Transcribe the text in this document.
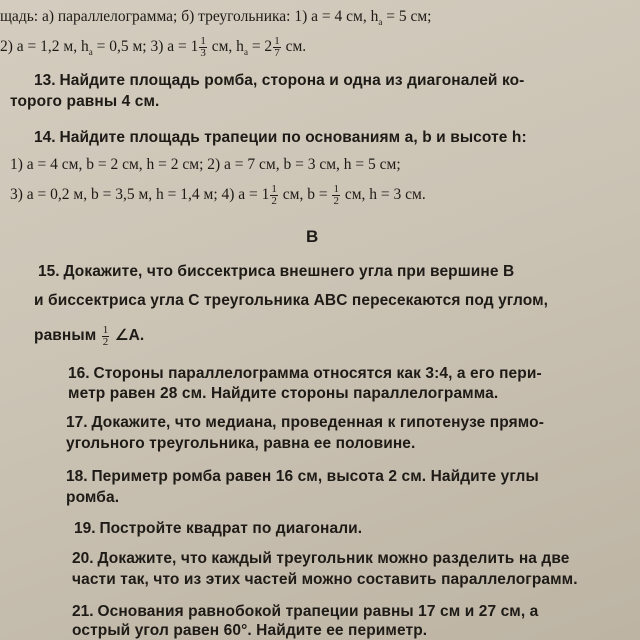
щадь: а) параллелограмма; б) треугольника: 1) a = 4 см, $h_a = 5$ см;
2) a = 1,2 м, $h_a = 0,5$ м; 3) $a = 1 \frac{1}{3}$ см, $h_a = 2 \frac{1}{7}$ см.
13. Найдите площадь ромба, сторона и одна из диагоналей ко-
торого равны 4 см.
14. Найдите площадь трапеции по основаниям a, b и высоте h:
1) a = 4 см, b = 2 см, h = 2 см; 2) a = 7 см, b = 3 см, h = 5 см;
3) a = 0,2 м, b = 3,5 м, h = 1,4 м; 4) $a = 1 \frac{1}{2}$ см, $b = \frac{1}{2}$ см, h = 3 см.
B
15. Докажите, что биссектриса внешнего угла при вершине B
и биссектриса угла C треугольника ABC пересекаются под углом,
равным $\frac{1}{2}$ ∠A.
16. Стороны параллелограмма относятся как 3:4, а его пери-
метр равен 28 см. Найдите стороны параллелограмма.
17. Докажите, что медиана, проведенная к гипотенузе прямо-
угольного треугольника, равна ее половине.
18. Периметр ромба равен 16 см, высота 2 см. Найдите углы
ромба.
19. Постройте квадрат по диагонали.
20. Докажите, что каждый треугольник можно разделить на две
части так, что из этих частей можно составить параллелограмм.
21. Основания равнобокой трапеции равны 17 см и 27 см, а
острый угол равен 60°. Найдите ее периметр.
